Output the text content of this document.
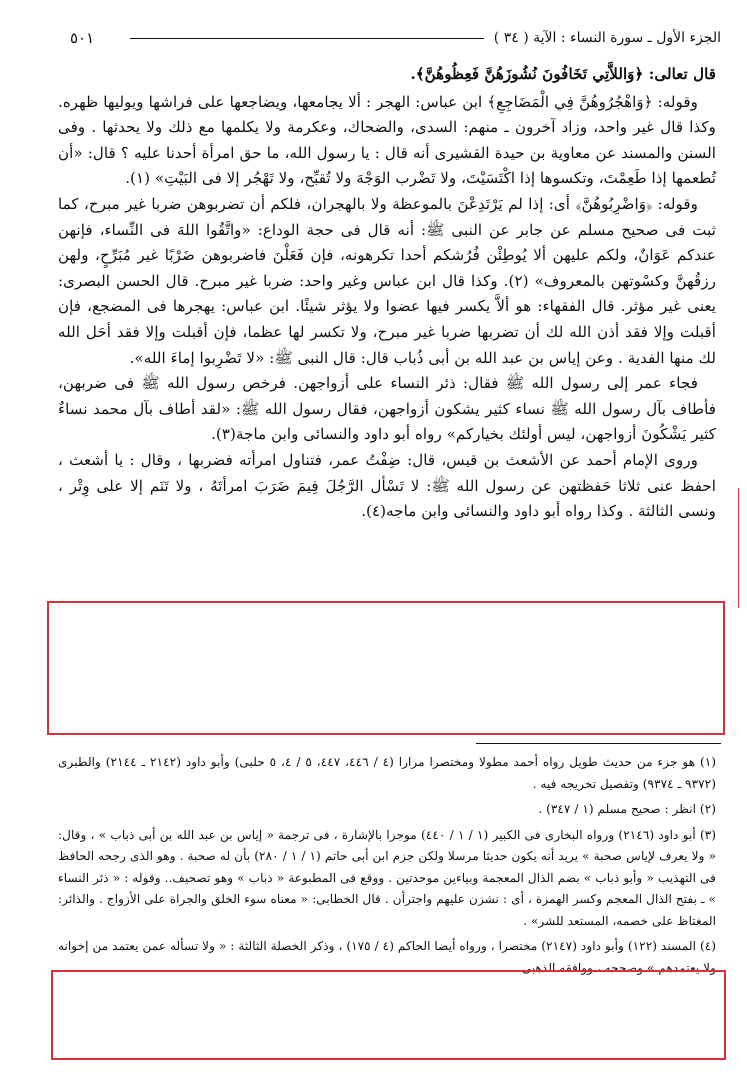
٥٠١	الجزء الأول ـ سورة النساء : الآية ( ٣٤ )

قال تعالى: ﴿وَاللاَّتِي تَخَافُونَ نُشُوزَهُنَّ فَعِظُوهُنَّ﴾.

وقوله: ﴿وَاهْجُرُوهُنَّ فِي الْمَضَاجِعِ﴾ ابن عباس: الهجر : ألا يجامعها، ويضاجعها على فراشها ويوليها ظهره. وكذا قال غير واحد، وزاد آخرون ـ منهم: السدى، والضحاك، وعكرمة ولا يكلمها مع ذلك ولا يحدثها . وفى السنن والمسند عن معاوية بن حيدة القشيرى أنه قال : يا رسول الله، ما حق امرأة أحدنا عليه ؟ قال: «أن تُطعمها إذا طَعِمْتَ، وتكسوها إذا اكْتَسَيْتَ، ولا تَضْرب الوَجْهَ ولا تُقبِّح، ولا تَهْجُر إلا فى البَيْتِ» (١).

وقوله: ﴿وَاضْرِبُوهُنَّ﴾ أى: إذا لم يَرْتَدِعْنَ بالموعظة ولا بالهجران، فلكم أن تضربوهن ضربا غير مبرح، كما ثبت فى صحيح مسلم عن جابر عن النبى ﷺ: أنه قال فى حجة الوداع: «واتَّقُوا اللهَ فى النِّساء، فإنهن عندكم عَوَانٌ، ولكم عليهن ألا يُوطِئْن فُرُشكم أحدا تكرهونه، فإن فَعَلْنَ فاضربوهن ضَرْبًا غير مُبَرِّحٍ، ولهن رزقُهنَّ وكسْوتهن بالمعروف» (٢). وكذا قال ابن عباس وغير واحد: ضربا غير مبرح. قال الحسن البصرى: يعنى غير مؤثر. قال الفقهاء: هو ألاَّ يكسر فيها عضوا ولا يؤثر شيئًا. ابن عباس: يهجرها فى المضجع، فإن أقبلت وإلا فقد أذن الله لك أن تضربها ضربا غير مبرح، ولا تكسر لها عظما، فإن أقبلت وإلا فقد أحَل الله لك منها الفدية . وعن إياس بن عبد الله بن أبى ذُباب قال: قال النبى ﷺ: «لا تَضْرِبوا إماءَ الله».

فجاء عمر إلى رسول الله ﷺ فقال: ذئر النساء على أزواجهن. فرخص رسول الله ﷺ فى ضربهن، فأطاف بآل رسول الله ﷺ نساء كثير يشكون أزواجهن، فقال رسول الله ﷺ: «لقد أطاف بآل محمد نساءٌ كثير يَشْكُونَ أزواجهن، ليس أولئك بخياركم» رواه أبو داود والنسائى وابن ماجة(٣).

وروى الإمام أحمد عن الأشعث بن قيس، قال: ضِفْتُ عمر، فتناول امرأته فضربها ، وقال : يا أشعث ، احفظ عنى ثلاثا حَفظتهن عن رسول الله ﷺ: لا تَسْأل الرَّجُلَ فِيمَ ضَرَبَ امرأتَهُ ، ولا تَنَم إلا على وِتْر ، ونسى الثالثة . وكذا رواه أبو داود والنسائى وابن ماجه(٤).

(١) هو جزء من حديث طويل رواه أحمد مطولا ومختصرا مرارا (٤ / ٤٤٦، ٤٤٧، ٥ / ٤، ٥ حلبى) وأبو داود (٢١٤٢ ـ ٢١٤٤) والطبرى (٩٣٧٢ ـ ٩٣٧٤) وتفصيل تخريجه فيه .

(٢) انظر : صحيح مسلم (١ / ٣٤٧) .

(٣) أبو داود (٢١٤٦) ورواه البخارى فى الكبير (١ / ١ / ٤٤٠) موجزا بالإشارة ، فى ترجمة « إياس بن عبد الله بن أبى ذباب » ، وقال: « ولا يعرف لإياس صحبة » يريد أنه يكون حديثا مرسلا ولكن جزم ابن أبى حاتم (١ / ١ / ٢٨٠) بأن له صحبة . وهو الذى رجحه الحافظ فى التهذيب « وأبو ذباب » بضم الذال المعجمة وبياءين موحدتين . ووقع فى المطبوعة « ذباب » وهو تصحيف.. وقوله : « ذئر النساء » ـ بفتح الذال المعجم وكسر الهمزة ، أى : نشزن عليهم واجترأن . قال الخطابى: « معناه سوء الخلق والجراة على الأزواج . والذائر: المغتاظ على خصمه، المستعد للشر» .

(٤) المسند (١٢٢) وأبو داود (٢١٤٧) مختصرا ، ورواه أيضا الحاكم (٤ / ١٧٥) ، وذكر الخصلة الثالثة : « ولا تسأله عمن يعتمد من إخوانه ولا يعتمدهم » وصححه ، ووافقه الذهبى .
